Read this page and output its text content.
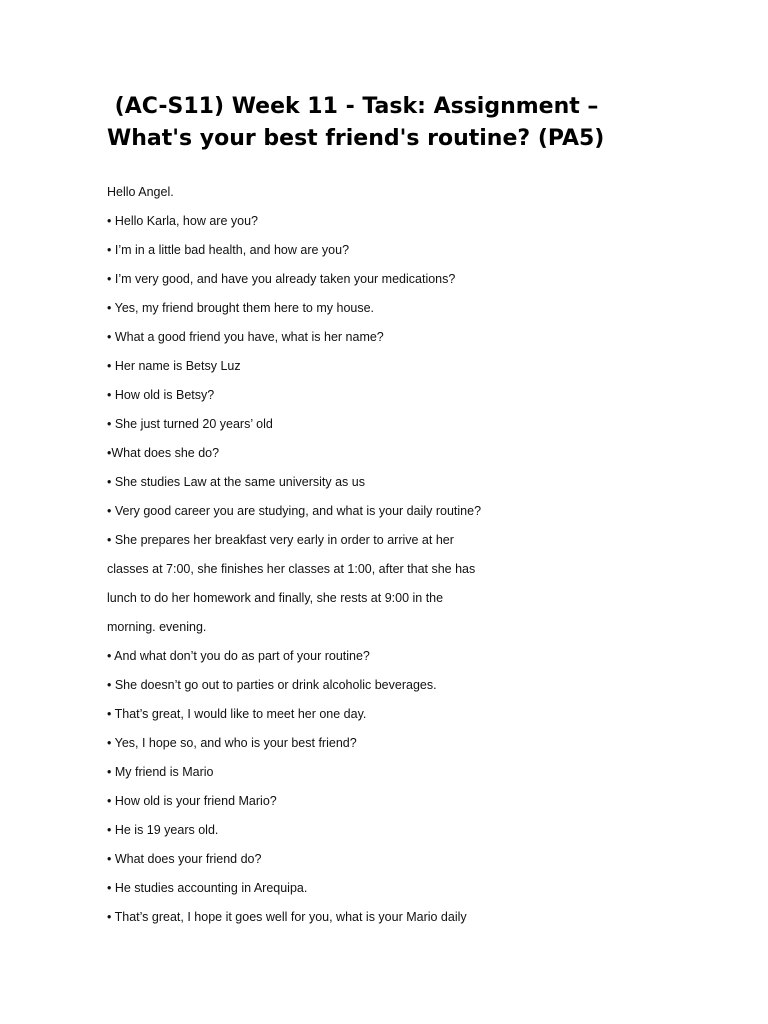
(AC-S11) Week 11 - Task: Assignment –
What's your best friend's routine? (PA5)
Hello Angel.
• Hello Karla, how are you?
• I’m in a little bad health, and how are you?
• I’m very good, and have you already taken your medications?
• Yes, my friend brought them here to my house.
• What a good friend you have, what is her name?
• Her name is Betsy Luz
• How old is Betsy?
• She just turned 20 years’ old
•What does she do?
• She studies Law at the same university as us
• Very good career you are studying, and what is your daily routine?
• She prepares her breakfast very early in order to arrive at her
classes at 7:00, she finishes her classes at 1:00, after that she has
lunch to do her homework and finally, she rests at 9:00 in the
morning. evening.
• And what don’t you do as part of your routine?
• She doesn’t go out to parties or drink alcoholic beverages.
• That’s great, I would like to meet her one day.
• Yes, I hope so, and who is your best friend?
• My friend is Mario
• How old is your friend Mario?
• He is 19 years old.
• What does your friend do?
• He studies accounting in Arequipa.
• That’s great, I hope it goes well for you, what is your Mario daily
